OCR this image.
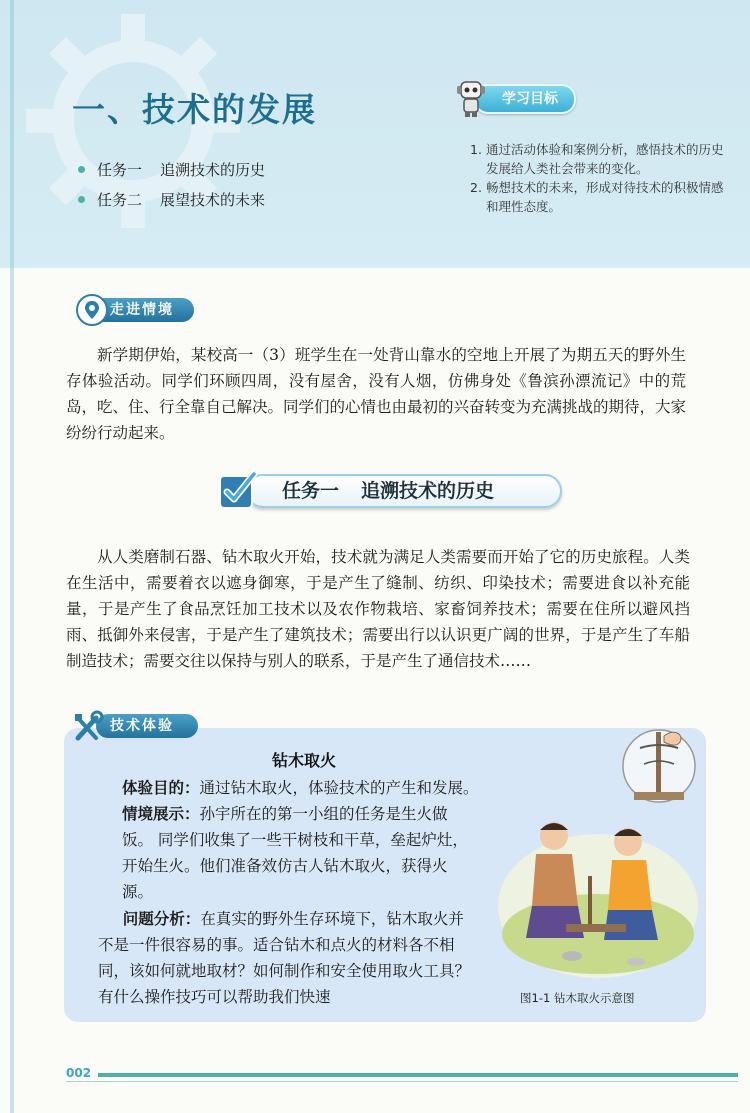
一、技术的发展
任务一 追溯技术的历史
任务二 展望技术的未来
学习目标
1. 通过活动体验和案例分析，感悟技术的历史发展给人类社会带来的变化。
2. 畅想技术的未来，形成对待技术的积极情感和理性态度。
走进情境
新学期伊始，某校高一（3）班学生在一处背山靠水的空地上开展了为期五天的野外生存体验活动。同学们环顾四周，没有屋舍，没有人烟，仿佛身处《鲁滨孙漂流记》中的荒岛，吃、住、行全靠自己解决。同学们的心情也由最初的兴奋转变为充满挑战的期待，大家纷纷行动起来。
任务一 追溯技术的历史
从人类磨制石器、钻木取火开始，技术就为满足人类需要而开始了它的历史旅程。人类在生活中，需要着衣以遮身御寒，于是产生了缝制、纺织、印染技术；需要进食以补充能量，于是产生了食品烹饪加工技术以及农作物栽培、家畜饲养技术；需要在住所以避风挡雨、抵御外来侵害，于是产生了建筑技术；需要出行以认识更广阔的世界，于是产生了车船制造技术；需要交往以保持与别人的联系，于是产生了通信技术……
技术体验
钻木取火
体验目的：通过钻木取火，体验技术的产生和发展。
情境展示：孙宇所在的第一小组的任务是生火做饭。 同学们收集了一些干树枝和干草，垒起炉灶，开始生火。他们准备效仿古人钻木取火，获得火源。
问题分析：在真实的野外生存环境下，钻木取火并不是一件很容易的事。适合钻木和点火的材料各不相同，该如何就地取材？如何制作和安全使用取火工具？有什么操作技巧可以帮助我们快速	图1-1 钻木取火示意图
002
